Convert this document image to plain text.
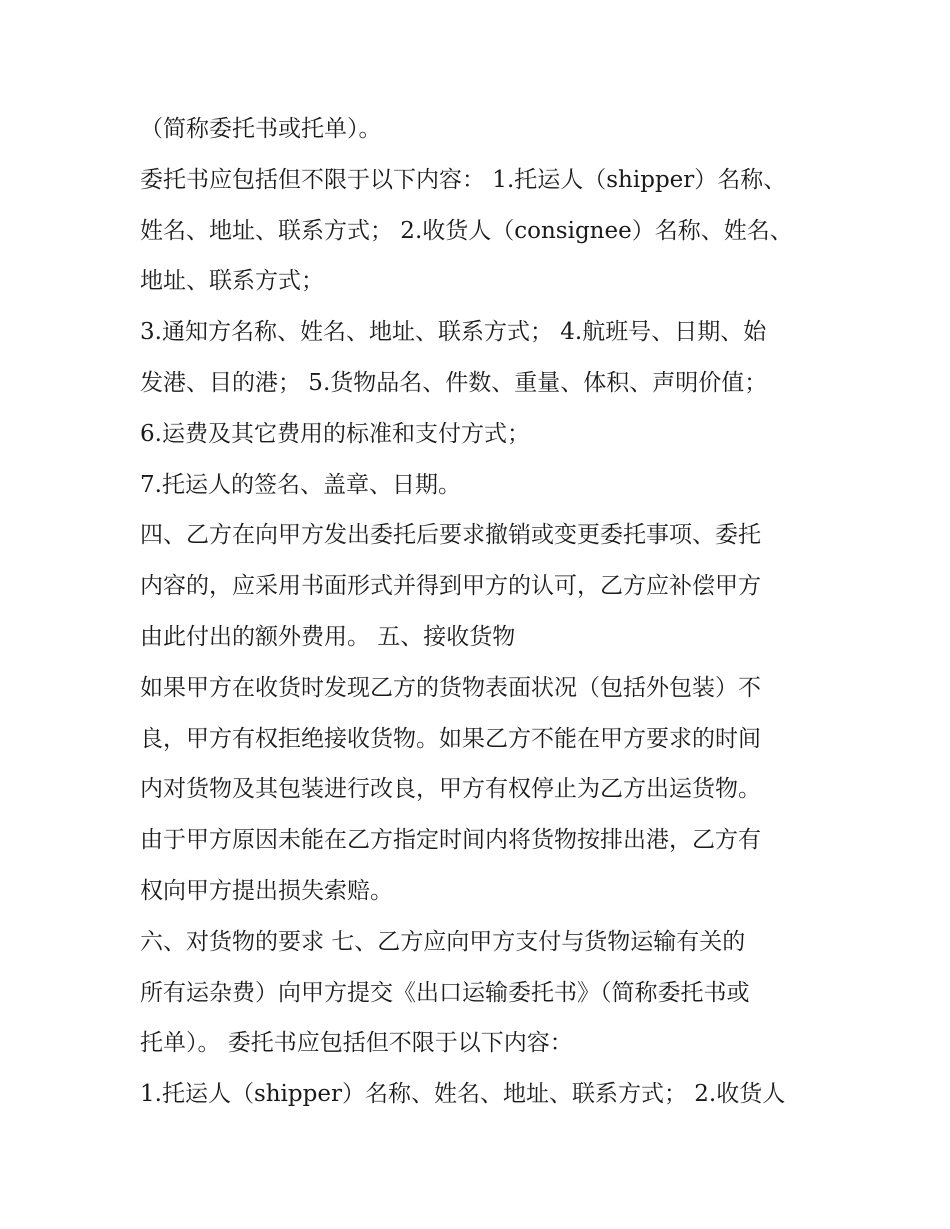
（简称委托书或托单）。
委托书应包括但不限于以下内容： 1.托运人（shipper）名称、
姓名、地址、联系方式； 2.收货人（consignee）名称、姓名、
地址、联系方式；
3.通知方名称、姓名、地址、联系方式； 4.航班号、日期、始
发港、目的港； 5.货物品名、件数、重量、体积、声明价值；
6.运费及其它费用的标准和支付方式；
7.托运人的签名、盖章、日期。
四、乙方在向甲方发出委托后要求撤销或变更委托事项、委托
内容的，应采用书面形式并得到甲方的认可，乙方应补偿甲方
由此付出的额外费用。 五、接收货物
如果甲方在收货时发现乙方的货物表面状况（包括外包装）不
良，甲方有权拒绝接收货物。如果乙方不能在甲方要求的时间
内对货物及其包装进行改良，甲方有权停止为乙方出运货物。
由于甲方原因未能在乙方指定时间内将货物按排出港，乙方有
权向甲方提出损失索赔。
六、对货物的要求 七、乙方应向甲方支付与货物运输有关的
所有运杂费）向甲方提交《出口运输委托书》（简称委托书或
托单）。 委托书应包括但不限于以下内容：
1.托运人（shipper）名称、姓名、地址、联系方式； 2.收货人
